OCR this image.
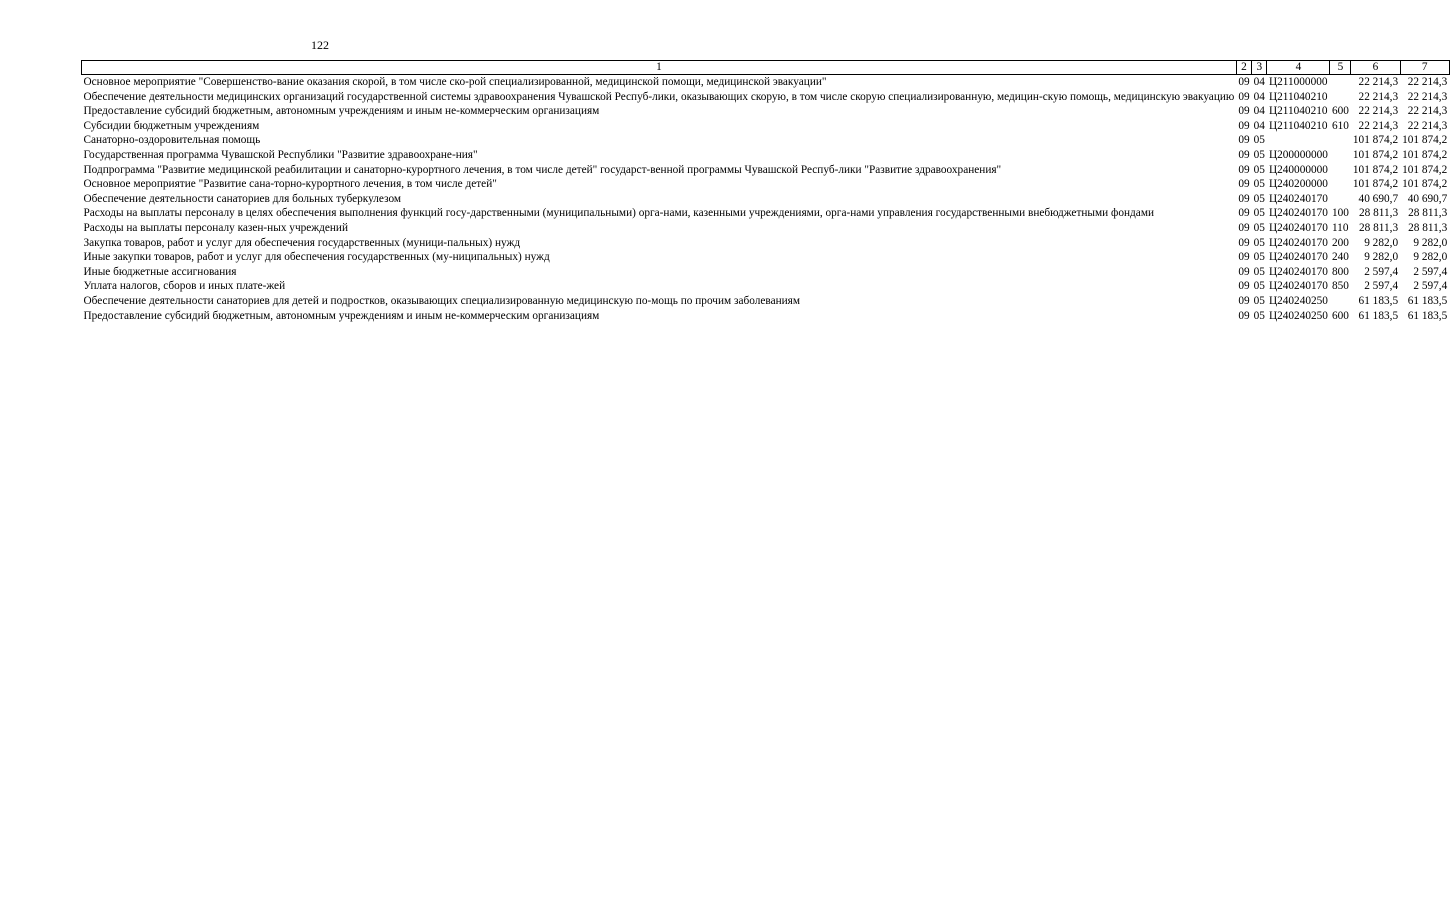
122
1	2	3	4	5	6	7
Основное мероприятие "Совершенство-вание оказания скорой, в том числе ско-рой специализированной, медицинской помощи, медицинской эвакуации"	09	04	Ц211000000		22 214,3	22 214,3
Обеспечение деятельности медицинских организаций государственной системы здравоохранения Чувашской Респуб-лики, оказывающих скорую, в том числе скорую специализированную, медицин-скую помощь, медицинскую эвакуацию	09	04	Ц211040210		22 214,3	22 214,3
Предоставление субсидий бюджетным, автономным учреждениям и иным не-коммерческим организациям	09	04	Ц211040210	600	22 214,3	22 214,3
Субсидии бюджетным учреждениям	09	04	Ц211040210	610	22 214,3	22 214,3
Санаторно-оздоровительная помощь	09	05			101 874,2	101 874,2
Государственная программа Чувашской Республики "Развитие здравоохране-ния"	09	05	Ц200000000		101 874,2	101 874,2
Подпрограмма "Развитие медицинской реабилитации и санаторно-курортного лечения, в том числе детей" государст-венной программы Чувашской Респуб-лики "Развитие здравоохранения"	09	05	Ц240000000		101 874,2	101 874,2
Основное мероприятие "Развитие сана-торно-курортного лечения, в том числе детей"	09	05	Ц240200000		101 874,2	101 874,2
Обеспечение деятельности санаториев для больных туберкулезом	09	05	Ц240240170		40 690,7	40 690,7
Расходы на выплаты персоналу в целях обеспечения выполнения функций госу-дарственными (муниципальными) орга-нами, казенными учреждениями, орга-нами управления государственными внебюджетными фондами	09	05	Ц240240170	100	28 811,3	28 811,3
Расходы на выплаты персоналу казен-ных учреждений	09	05	Ц240240170	110	28 811,3	28 811,3
Закупка товаров, работ и услуг для обеспечения государственных (муници-пальных) нужд	09	05	Ц240240170	200	9 282,0	9 282,0
Иные закупки товаров, работ и услуг для обеспечения государственных (му-ниципальных) нужд	09	05	Ц240240170	240	9 282,0	9 282,0
Иные бюджетные ассигнования	09	05	Ц240240170	800	2 597,4	2 597,4
Уплата налогов, сборов и иных плате-жей	09	05	Ц240240170	850	2 597,4	2 597,4
Обеспечение деятельности санаториев для детей и подростков, оказывающих специализированную медицинскую по-мощь по прочим заболеваниям	09	05	Ц240240250		61 183,5	61 183,5
Предоставление субсидий бюджетным, автономным учреждениям и иным не-коммерческим организациям	09	05	Ц240240250	600	61 183,5	61 183,5
